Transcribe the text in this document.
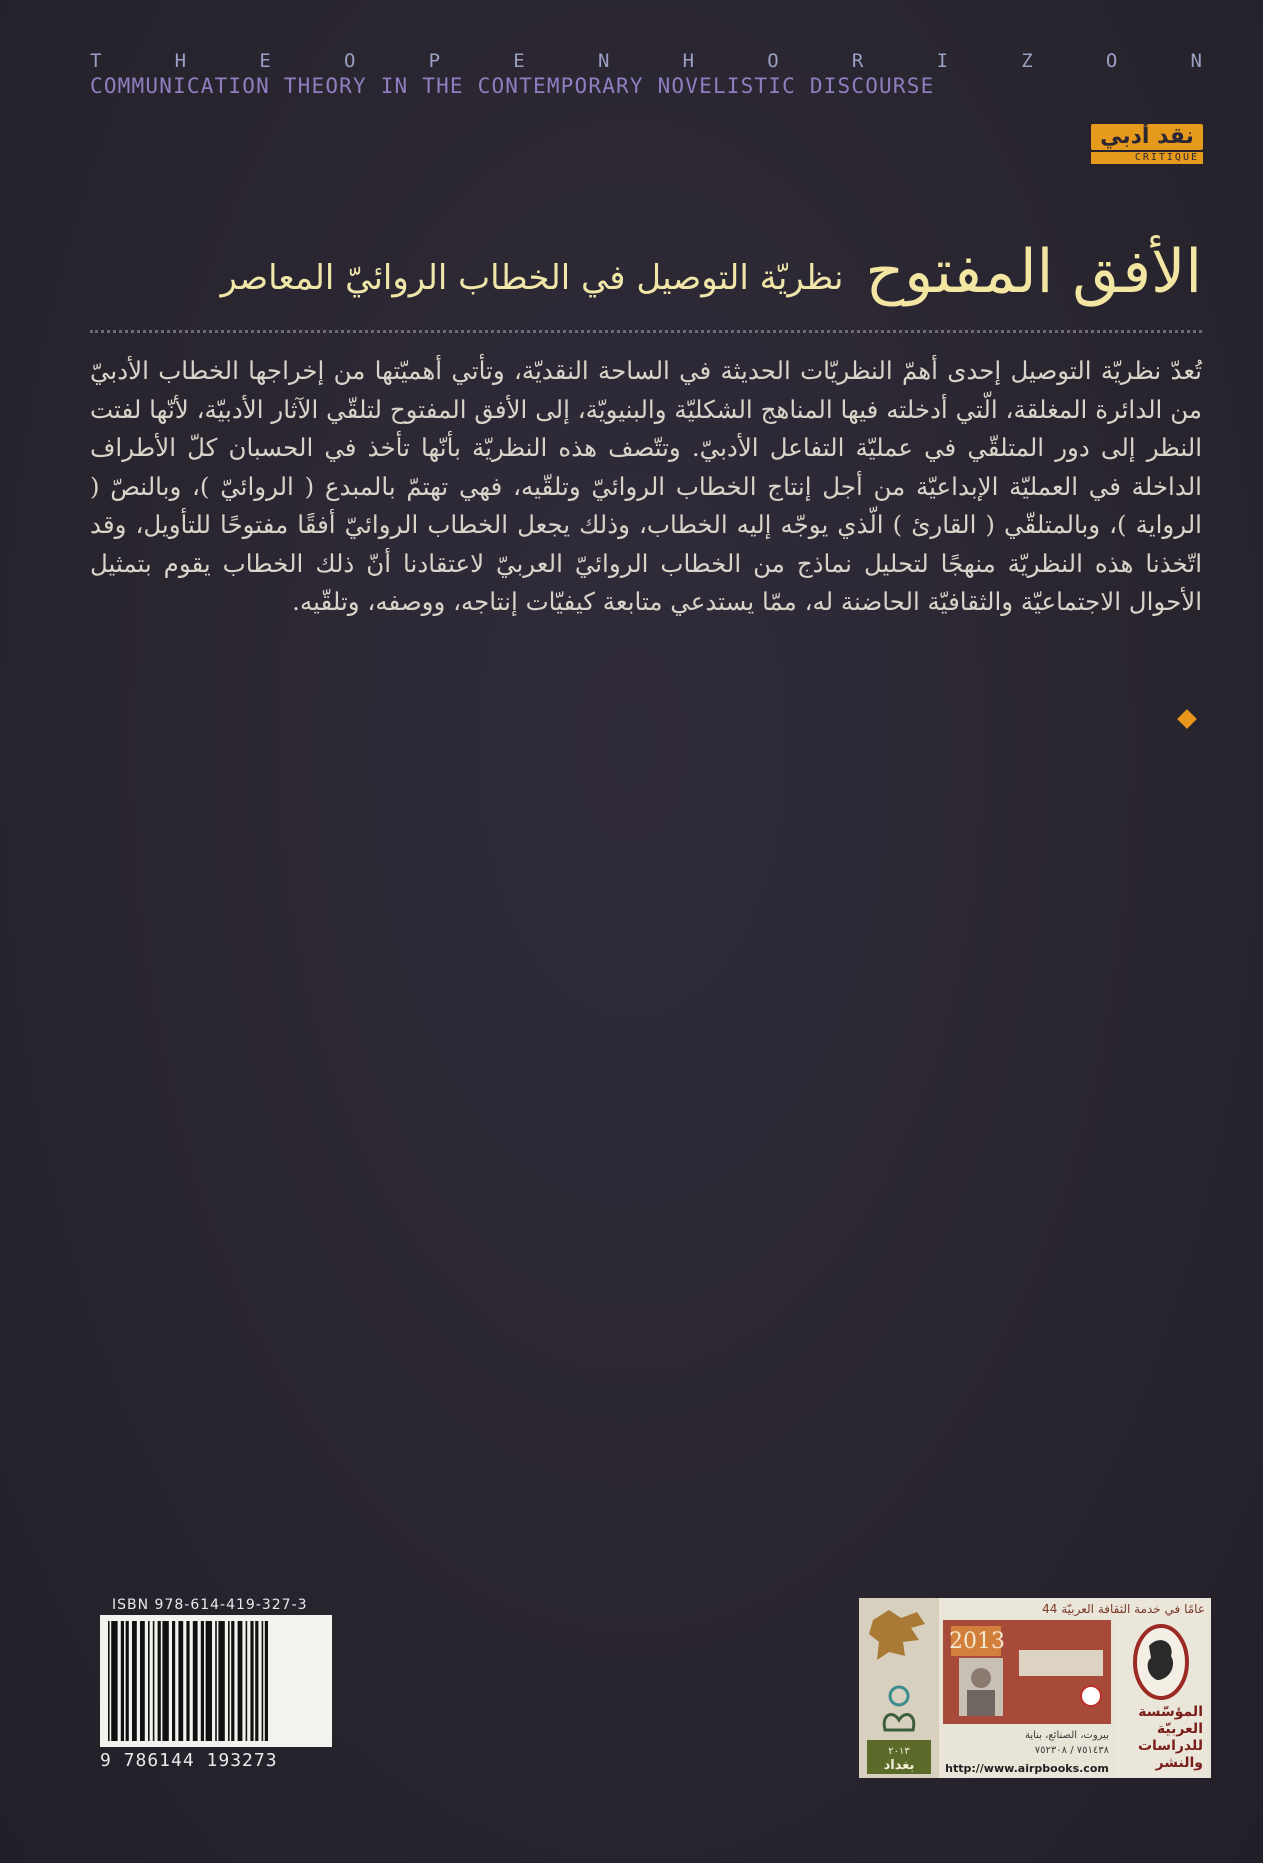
T	H	E	O	P	E	N	H	O	R	I	Z	O	N
COMMUNICATION THEORY IN THE CONTEMPORARY NOVELISTIC DISCOURSE
نقد أدبي
CRITIQUE
الأفق المفتوح
نظريّة التوصيل في الخطاب الروائيّ المعاصر
تُعدّ نظريّة التوصيل إحدى أهمّ النظريّات الحديثة في الساحة النقديّة، وتأتي أهميّتها من إخراجها الخطاب الأدبيّ من الدائرة المغلقة، الّتي أدخلته فيها المناهج الشكليّة والبنيويّة، إلى الأفق المفتوح لتلقّي الآثار الأدبيّة، لأنّها لفتت النظر إلى دور المتلقّي في عمليّة التفاعل الأدبيّ. وتتّصف هذه النظريّة بأنّها تأخذ في الحسبان كلّ الأطراف الداخلة في العمليّة الإبداعيّة من أجل إنتاج الخطاب الروائيّ وتلقّيه، فهي تهتمّ بالمبدع ( الروائيّ )، وبالنصّ ( الرواية )، وبالمتلقّي ( القارئ ) الّذي يوجّه إليه الخطاب، وذلك يجعل الخطاب الروائيّ أفقًا مفتوحًا للتأويل، وقد اتّخذنا هذه النظريّة منهجًا لتحليل نماذج من الخطاب الروائيّ العربيّ لاعتقادنا أنّ ذلك الخطاب يقوم بتمثيل الأحوال الاجتماعيّة والثقافيّة الحاضنة له، ممّا يستدعي متابعة كيفيّات إنتاجه، ووصفه، وتلقّيه.
ISBN 978-614-419-327-3
9 786144 193273	٢٠١٣
بغداد
44 عامًا في خدمة الثقافة العربيّة
2013
بيروت، الصنائع، بناية
٧٥١٤٣٨ / ٧٥٢٣٠٨
http://www.airpbooks.com
المؤسّسة
العربيّة
للدراسات
والنشر
